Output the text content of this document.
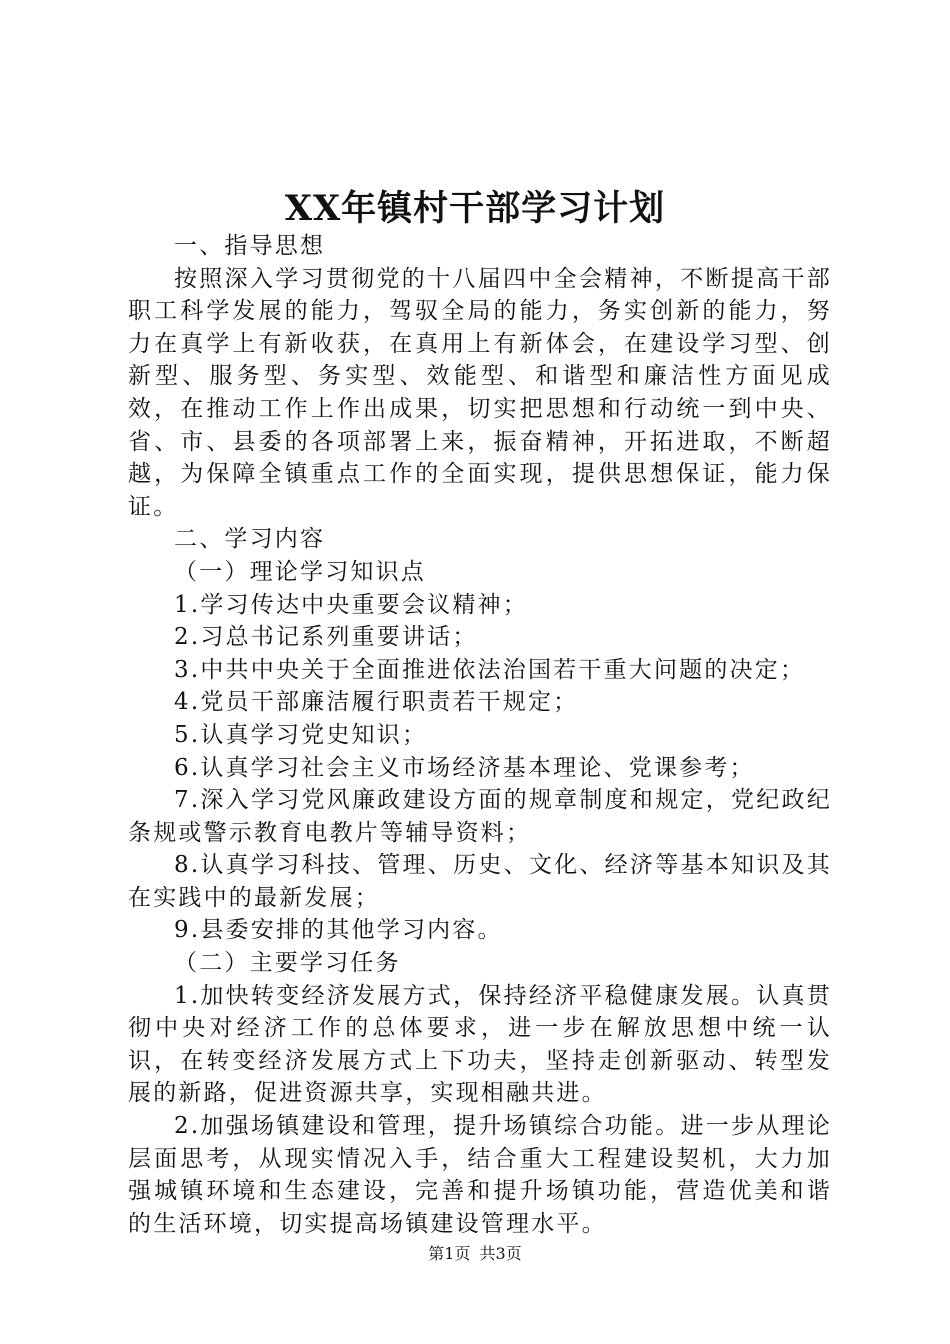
XX年镇村干部学习计划

一、指导思想

按照深入学习贯彻党的十八届四中全会精神，不断提高干部职工科学发展的能力，驾驭全局的能力，务实创新的能力，努力在真学上有新收获，在真用上有新体会，在建设学习型、创新型、服务型、务实型、效能型、和谐型和廉洁性方面见成效，在推动工作上作出成果，切实把思想和行动统一到中央、省、市、县委的各项部署上来，振奋精神，开拓进取，不断超越，为保障全镇重点工作的全面实现，提供思想保证，能力保证。

二、学习内容

（一）理论学习知识点

1.学习传达中央重要会议精神；

2.习总书记系列重要讲话；

3.中共中央关于全面推进依法治国若干重大问题的决定；

4.党员干部廉洁履行职责若干规定；

5.认真学习党史知识；

6.认真学习社会主义市场经济基本理论、党课参考；

7.深入学习党风廉政建设方面的规章制度和规定，党纪政纪条规或警示教育电教片等辅导资料；

8.认真学习科技、管理、历史、文化、经济等基本知识及其在实践中的最新发展；

9.县委安排的其他学习内容。

（二）主要学习任务

1.加快转变经济发展方式，保持经济平稳健康发展。认真贯彻中央对经济工作的总体要求，进一步在解放思想中统一认识，在转变经济发展方式上下功夫，坚持走创新驱动、转型发展的新路，促进资源共享，实现相融共进。

2.加强场镇建设和管理，提升场镇综合功能。进一步从理论层面思考，从现实情况入手，结合重大工程建设契机，大力加强城镇环境和生态建设，完善和提升场镇功能，营造优美和谐的生活环境，切实提高场镇建设管理水平。

第1页 共3页
